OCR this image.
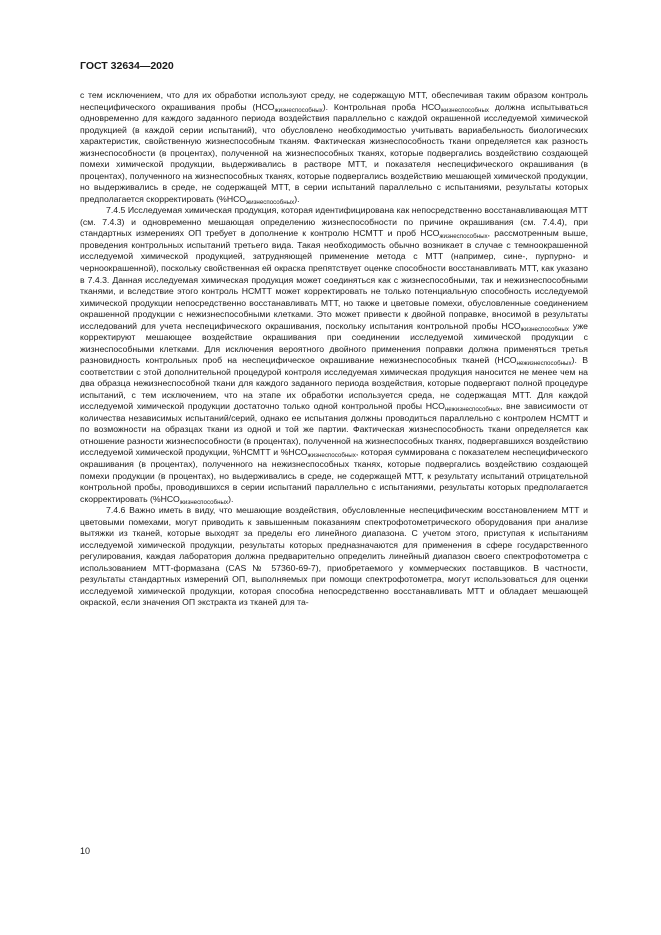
ГОСТ 32634—2020

с тем исключением, что для их обработки используют среду, не содержащую МТТ, обеспечивая таким образом контроль неспецифического окрашивания пробы $(НСО_{жизнеспособных})$. Контрольная проба $НСО_{жизнеспособных}$ должна испытываться одновременно для каждого заданного периода воздействия параллельно с каждой окрашенной исследуемой химической продукцией (в каждой серии испытаний), что обусловлено необходимостью учитывать вариабельность биологических характеристик, свойственную жизнеспособным тканям. Фактическая жизнеспособность ткани определяется как разность жизнеспособности (в процентах), полученной на жизнеспособных тканях, которые подвергались воздействию создающей помехи химической продукции, выдерживались в растворе МТТ, и показателя неспецифического окрашивания (в процентах), полученного на жизнеспособных тканях, которые подвергались воздействию мешающей химической продукции, но выдерживались в среде, не содержащей МТТ, в серии испытаний параллельно с испытаниями, результаты которых предполагается скорректировать $(\%НСО_{жизнеспособных})$.

7.4.5 Исследуемая химическая продукция, которая идентифицирована как непосредственно восстанавливающая МТТ (см. 7.4.3) и одновременно мешающая определению жизнеспособности по причине окрашивания (см. 7.4.4), при стандартных измерениях ОП требует в дополнение к контролю НСМТТ и проб $НСО_{жизнеспособных}$, рассмотренным выше, проведения контрольных испытаний третьего вида. Такая необходимость обычно возникает в случае с темноокрашенной исследуемой химической продукцией, затрудняющей применение метода с МТТ (например, сине-, пурпурно- и черноокрашенной), поскольку свойственная ей окраска препятствует оценке способности восстанавливать МТТ, как указано в 7.4.3. Данная исследуемая химическая продукция может соединяться как с жизнеспособными, так и нежизнеспособными тканями, и вследствие этого контроль НСМТТ может корректировать не только потенциальную способность исследуемой химической продукции непосредственно восстанавливать МТТ, но также и цветовые помехи, обусловленные соединением окрашенной продукции с нежизнеспособными клетками. Это может привести к двойной поправке, вносимой в результаты исследований для учета неспецифического окрашивания, поскольку испытания контрольной пробы $НСО_{жизнеспособных}$ уже корректируют мешающее воздействие окрашивания при соединении исследуемой химической продукции с жизнеспособными клетками. Для исключения вероятного двойного применения поправки должна применяться третья разновидность контрольных проб на неспецифическое окрашивание нежизнеспособных тканей $(НСО_{нежизнеспособных})$. В соответствии с этой дополнительной процедурой контроля исследуемая химическая продукция наносится не менее чем на два образца нежизнеспособной ткани для каждого заданного периода воздействия, которые подвергают полной процедуре испытаний, с тем исключением, что на этапе их обработки используется среда, не содержащая МТТ. Для каждой исследуемой химической продукции достаточно только одной контрольной пробы $НСО_{нежизнеспособных}$, вне зависимости от количества независимых испытаний/серий, однако ее испытания должны проводиться параллельно с контролем НСМТТ и по возможности на образцах ткани из одной и той же партии. Фактическая жизнеспособность ткани определяется как отношение разности жизнеспособности (в процентах), полученной на жизнеспособных тканях, подвергавшихся воздействию исследуемой химической продукции, %НСМТТ и $\%НСО_{жизнеспособных}$, которая суммирована с показателем неспецифического окрашивания (в процентах), полученного на нежизнеспособных тканях, которые подвергались воздействию создающей помехи продукции (в процентах), но выдерживались в среде, не содержащей МТТ, к результату испытаний отрицательной контрольной пробы, проводившихся в серии испытаний параллельно с испытаниями, результаты которых предполагается скорректировать $(\%НСО_{жизнеспособных})$.

7.4.6 Важно иметь в виду, что мешающие воздействия, обусловленные неспецифическим восстановлением МТТ и цветовыми помехами, могут приводить к завышенным показаниям спектрофотометрического оборудования при анализе вытяжки из тканей, которые выходят за пределы его линейного диапазона. С учетом этого, приступая к испытаниям исследуемой химической продукции, результаты которых предназначаются для применения в сфере государственного регулирования, каждая лаборатория должна предварительно определить линейный диапазон своего спектрофотометра с использованием МТТ-формазана (CAS № 57360-69-7), приобретаемого у коммерческих поставщиков. В частности, результаты стандартных измерений ОП, выполняемых при помощи спектрофотометра, могут использоваться для оценки исследуемой химической продукции, которая способна непосредственно восстанавливать МТТ и обладает мешающей окраской, если значения ОП экстракта из тканей для та-

10
